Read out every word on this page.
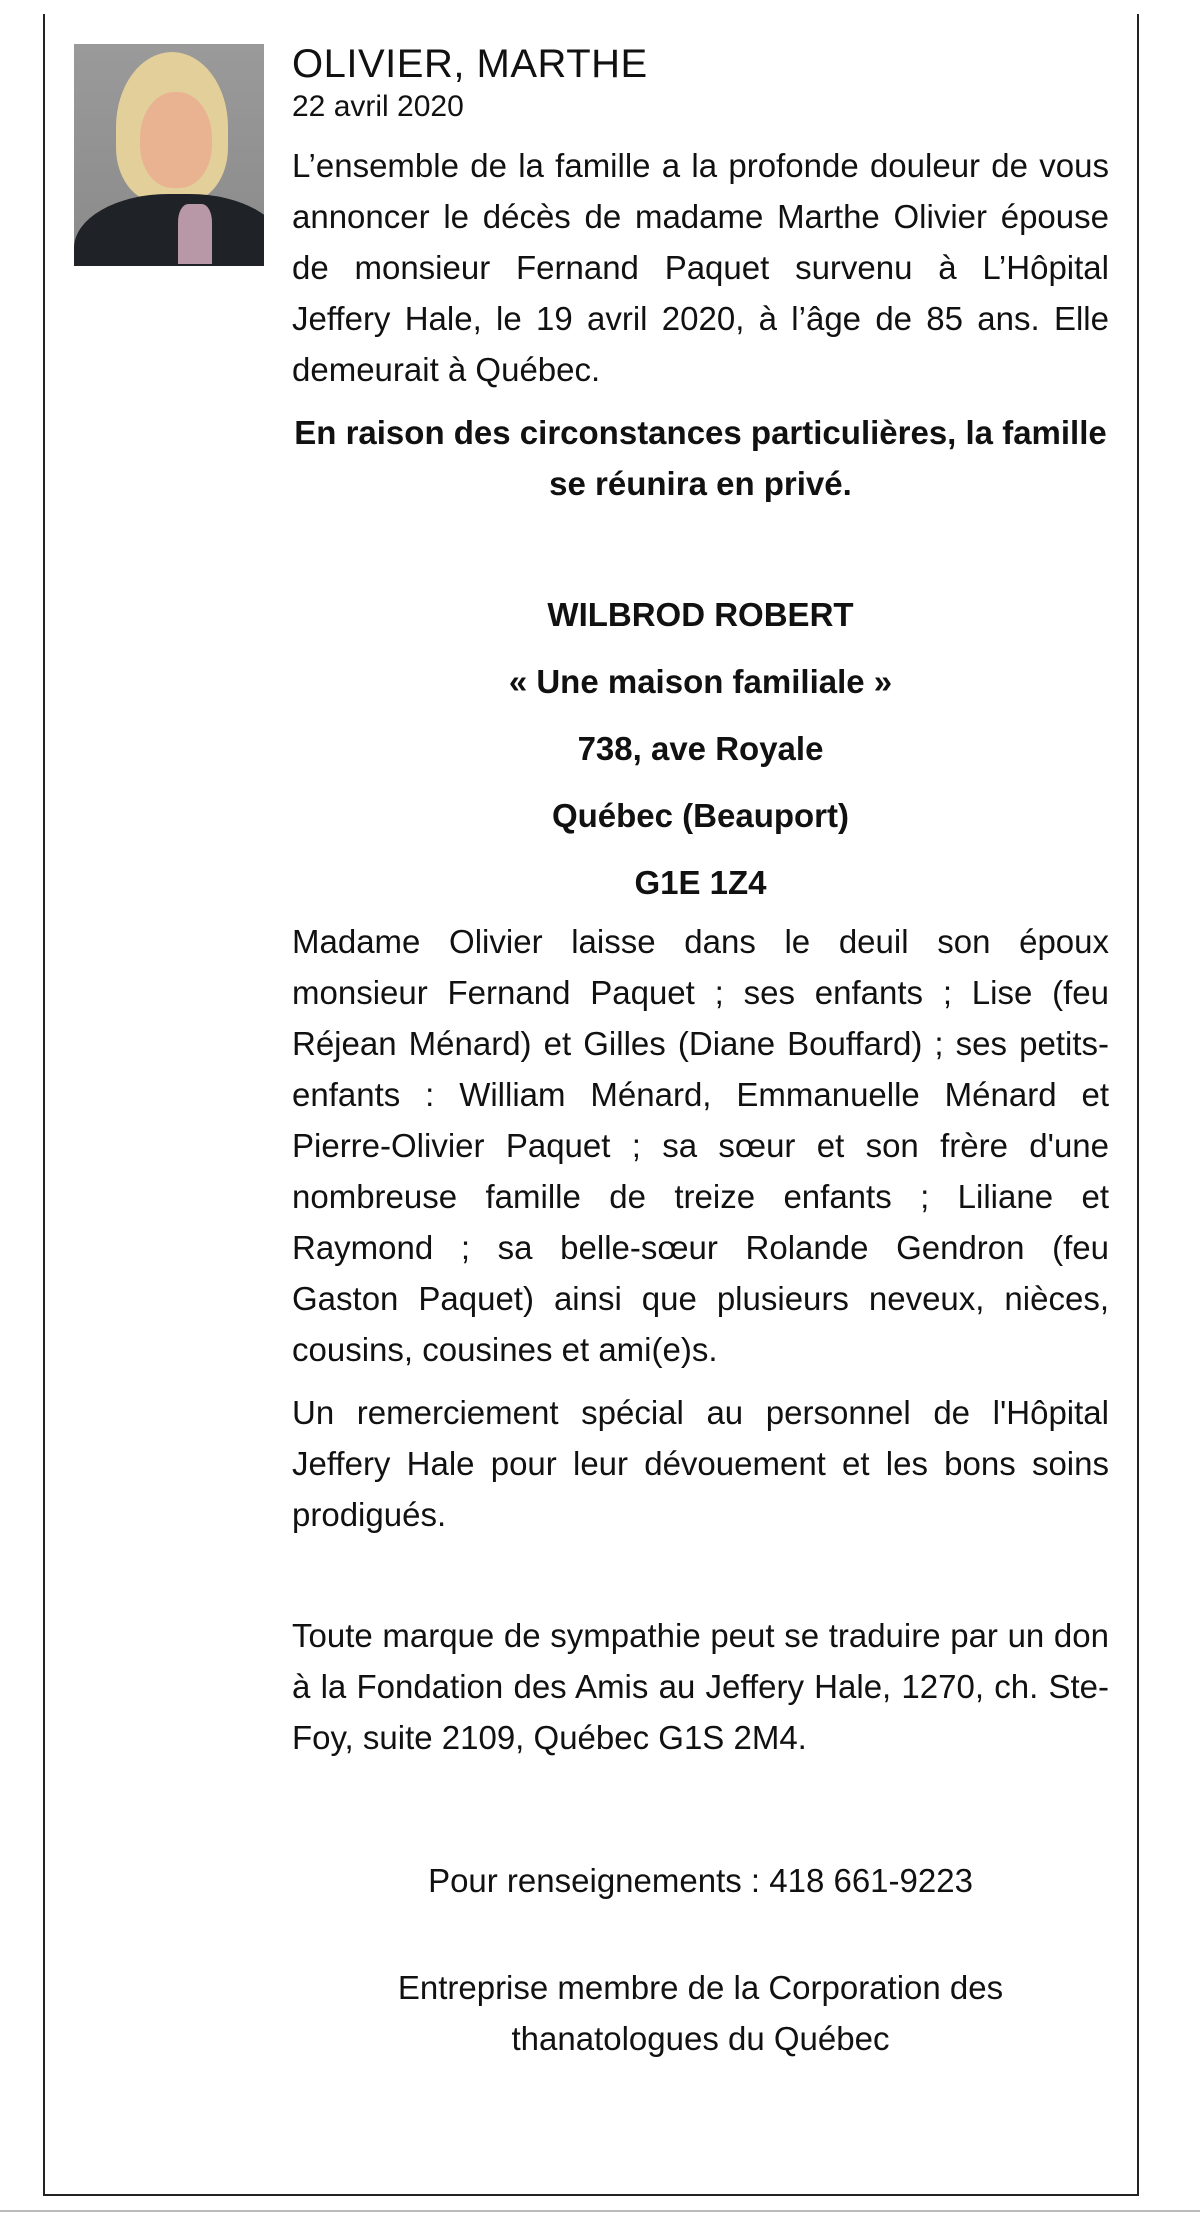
OLIVIER, MARTHE

22 avril 2020

L’ensemble de la famille a la profonde douleur de vous annoncer le décès de madame Marthe Olivier épouse de monsieur Fernand Paquet survenu à L’Hôpital Jeffery Hale, le 19 avril 2020, à l’âge de 85 ans. Elle demeurait à Québec.

En raison des circonstances particulières, la famille se réunira en privé.

WILBROD ROBERT
« Une maison familiale »
738, ave Royale
Québec (Beauport)
G1E 1Z4

Madame Olivier laisse dans le deuil son époux monsieur Fernand Paquet ; ses enfants ; Lise (feu Réjean Ménard) et Gilles (Diane Bouffard) ; ses petits-enfants : William Ménard, Emmanuelle Ménard et Pierre-Olivier Paquet ; sa sœur et son frère d'une nombreuse famille de treize enfants ; Liliane et Raymond ; sa belle-sœur Rolande Gendron (feu Gaston Paquet) ainsi que plusieurs neveux, nièces, cousins, cousines et ami(e)s.

Un remerciement spécial au personnel de l'Hôpital Jeffery Hale pour leur dévouement et les bons soins prodigués.

Toute marque de sympathie peut se traduire par un don à la Fondation des Amis au Jeffery Hale, 1270, ch. Ste-Foy, suite 2109, Québec G1S 2M4.

Pour renseignements : 418 661-9223

Entreprise membre de la Corporation des thanatologues du Québec
